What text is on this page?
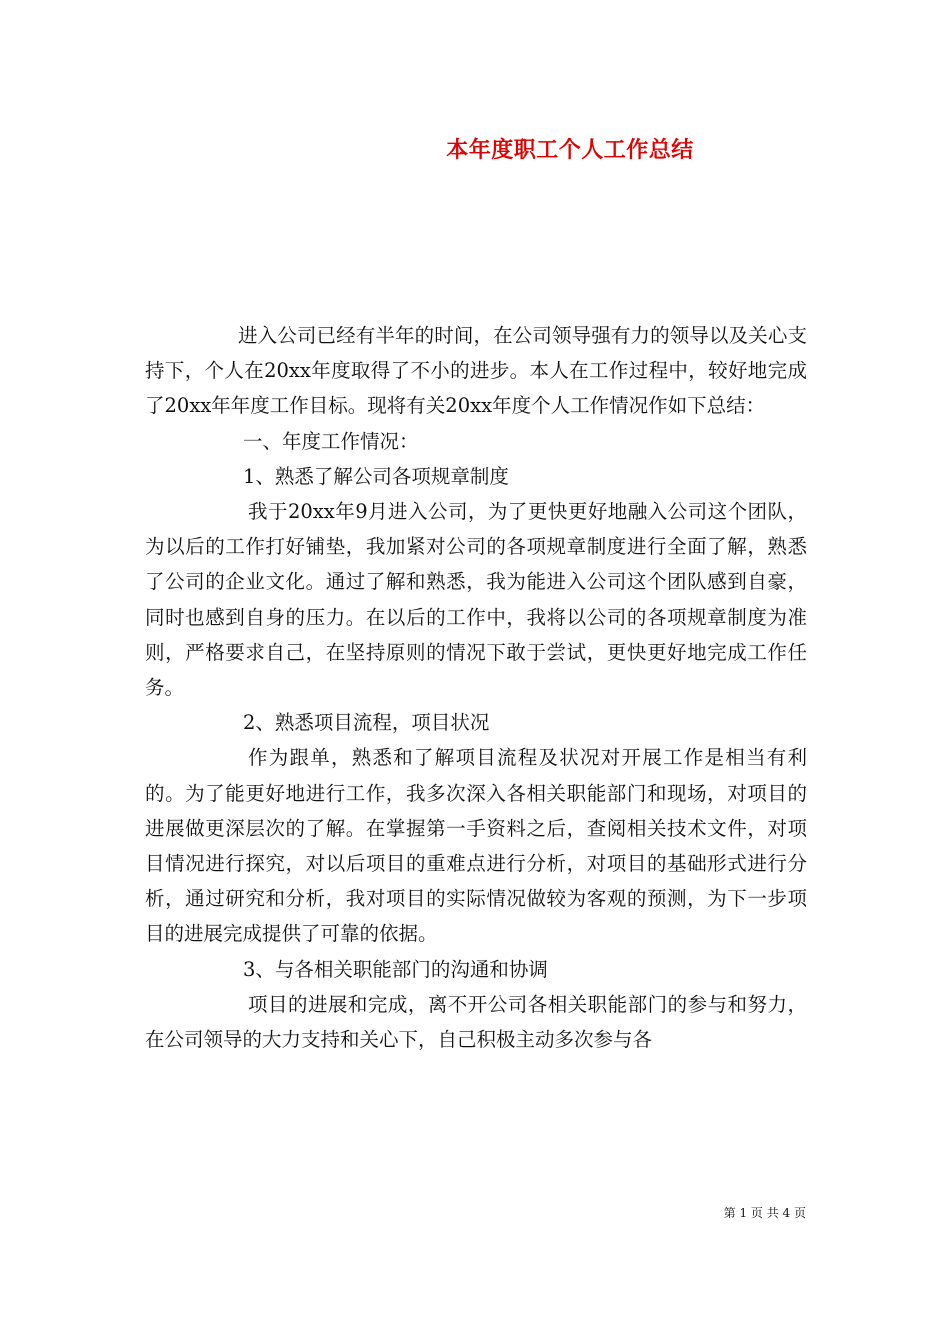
本年度职工个人工作总结

进入公司已经有半年的时间，在公司领导强有力的领导以及关心支持下，个人在20xx年度取得了不小的进步。本人在工作过程中，较好地完成了20xx年年度工作目标。现将有关20xx年度个人工作情况作如下总结：

一、年度工作情况：

1、熟悉了解公司各项规章制度

我于20xx年9月进入公司，为了更快更好地融入公司这个团队，为以后的工作打好铺垫，我加紧对公司的各项规章制度进行全面了解，熟悉了公司的企业文化。通过了解和熟悉，我为能进入公司这个团队感到自豪，同时也感到自身的压力。在以后的工作中，我将以公司的各项规章制度为准则，严格要求自己，在坚持原则的情况下敢于尝试，更快更好地完成工作任务。

2、熟悉项目流程，项目状况

作为跟单，熟悉和了解项目流程及状况对开展工作是相当有利的。为了能更好地进行工作，我多次深入各相关职能部门和现场，对项目的进展做更深层次的了解。在掌握第一手资料之后，查阅相关技术文件，对项目情况进行探究，对以后项目的重难点进行分析，对项目的基础形式进行分析，通过研究和分析，我对项目的实际情况做较为客观的预测，为下一步项目的进展完成提供了可靠的依据。

3、与各相关职能部门的沟通和协调

项目的进展和完成，离不开公司各相关职能部门的参与和努力，在公司领导的大力支持和关心下，自己积极主动多次参与各

第 1 页 共 4 页
